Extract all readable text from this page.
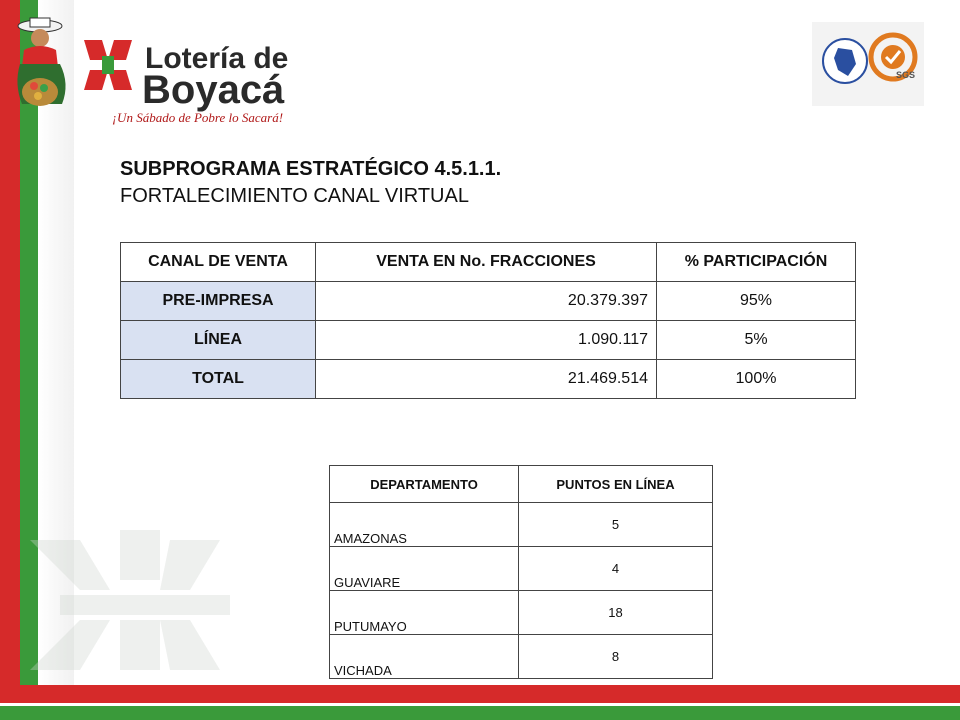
Lotería de
Boyacá
¡Un Sábado de Pobre lo Sacará!
SGS
SUBPROGRAMA ESTRATÉGICO 4.5.1.1.
FORTALECIMIENTO CANAL VIRTUAL
CANAL DE VENTA	VENTA EN No. FRACCIONES	% PARTICIPACIÓN
PRE-IMPRESA	20.379.397	95%
LÍNEA	1.090.117	5%
TOTAL	21.469.514	100%
DEPARTAMENTO	PUNTOS EN LÍNEA
AMAZONAS	5
GUAVIARE	4
PUTUMAYO	18
VICHADA	8
